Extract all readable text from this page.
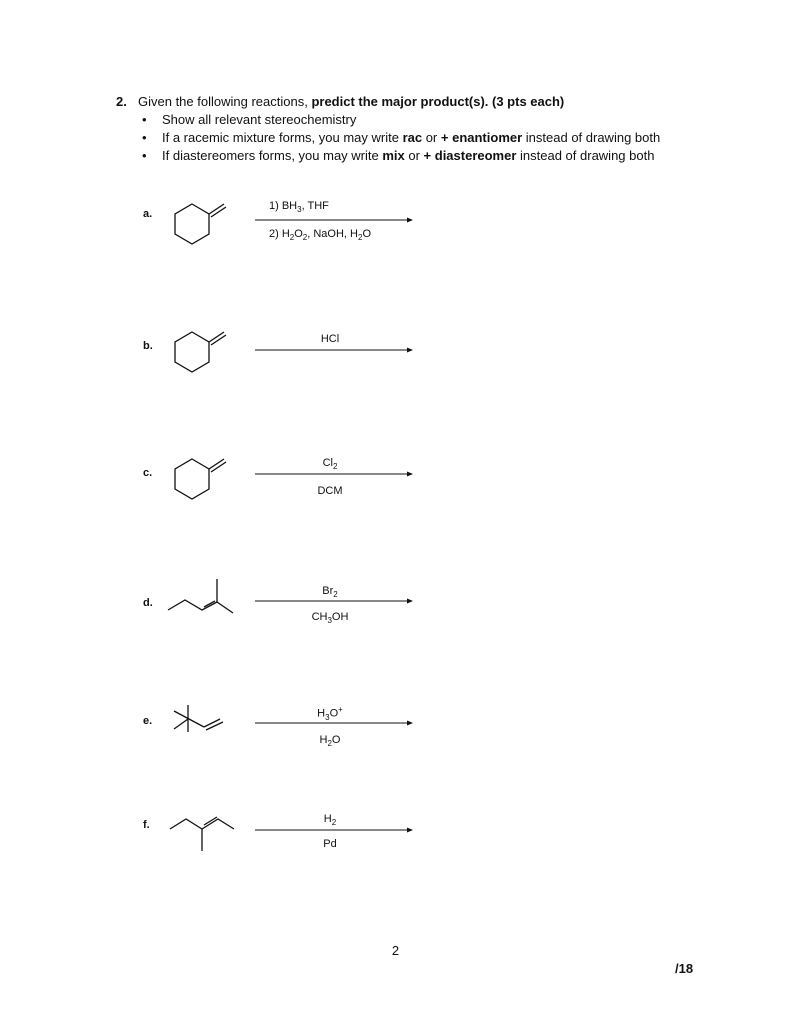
2. Given the following reactions, predict the major product(s). (3 pts each)
• Show all relevant stereochemistry
• If a racemic mixture forms, you may write rac or + enantiomer instead of drawing both
• If diastereomers forms, you may write mix or + diastereomer instead of drawing both
a.
1) $BH_3$, THF
2) $H_2O_2$, NaOH, $H_2O$
b.
HCl
c.
$Cl_2$
DCM
d.
$Br_2$
$CH_3OH$
e.
$H_3O^+$
$H_2O$
f.	$H_2$
Pd
2
/18
